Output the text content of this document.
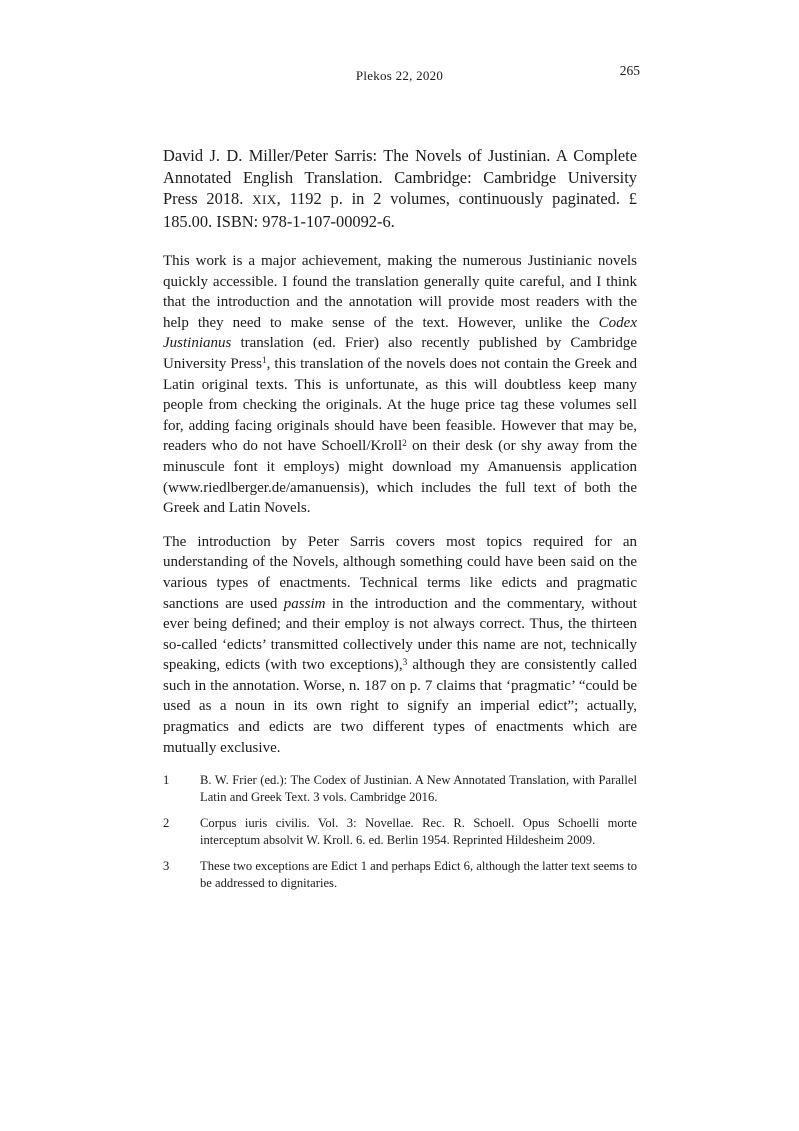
265
Plekos 22, 2020
David J. D. Miller/Peter Sarris: The Novels of Justinian. A Complete Annotated English Translation. Cambridge: Cambridge University Press 2018. XIX, 1192 p. in 2 volumes, continuously paginated. £ 185.00. ISBN: 978-1-107-00092-6.

This work is a major achievement, making the numerous Justinianic novels quickly accessible. I found the translation generally quite careful, and I think that the introduction and the annotation will provide most readers with the help they need to make sense of the text. However, unlike the Codex Justinianus translation (ed. Frier) also recently published by Cambridge University Press$^1$, this translation of the novels does not contain the Greek and Latin original texts. This is unfortunate, as this will doubtless keep many people from checking the originals. At the huge price tag these volumes sell for, adding facing originals should have been feasible. However that may be, readers who do not have Schoell/Kroll$^2$ on their desk (or shy away from the minuscule font it employs) might download my Amanuensis application (www.riedlberger.de/amanuensis), which includes the full text of both the Greek and Latin Novels.

The introduction by Peter Sarris covers most topics required for an understanding of the Novels, although something could have been said on the various types of enactments. Technical terms like edicts and pragmatic sanctions are used passim in the introduction and the commentary, without ever being defined; and their employ is not always correct. Thus, the thirteen so-called ‘edicts’ transmitted collectively under this name are not, technically speaking, edicts (with two exceptions),$^3$ although they are consistently called such in the annotation. Worse, n. 187 on p. 7 claims that ‘pragmatic’ “could be used as a noun in its own right to signify an imperial edict”; actually, pragmatics and edicts are two different types of enactments which are mutually exclusive.

1	B. W. Frier (ed.): The Codex of Justinian. A New Annotated Translation, with Parallel Latin and Greek Text. 3 vols. Cambridge 2016.
2	Corpus iuris civilis. Vol. 3: Novellae. Rec. R. Schoell. Opus Schoelli morte interceptum absolvit W. Kroll. 6. ed. Berlin 1954. Reprinted Hildesheim 2009.
3	These two exceptions are Edict 1 and perhaps Edict 6, although the latter text seems to be addressed to dignitaries.
